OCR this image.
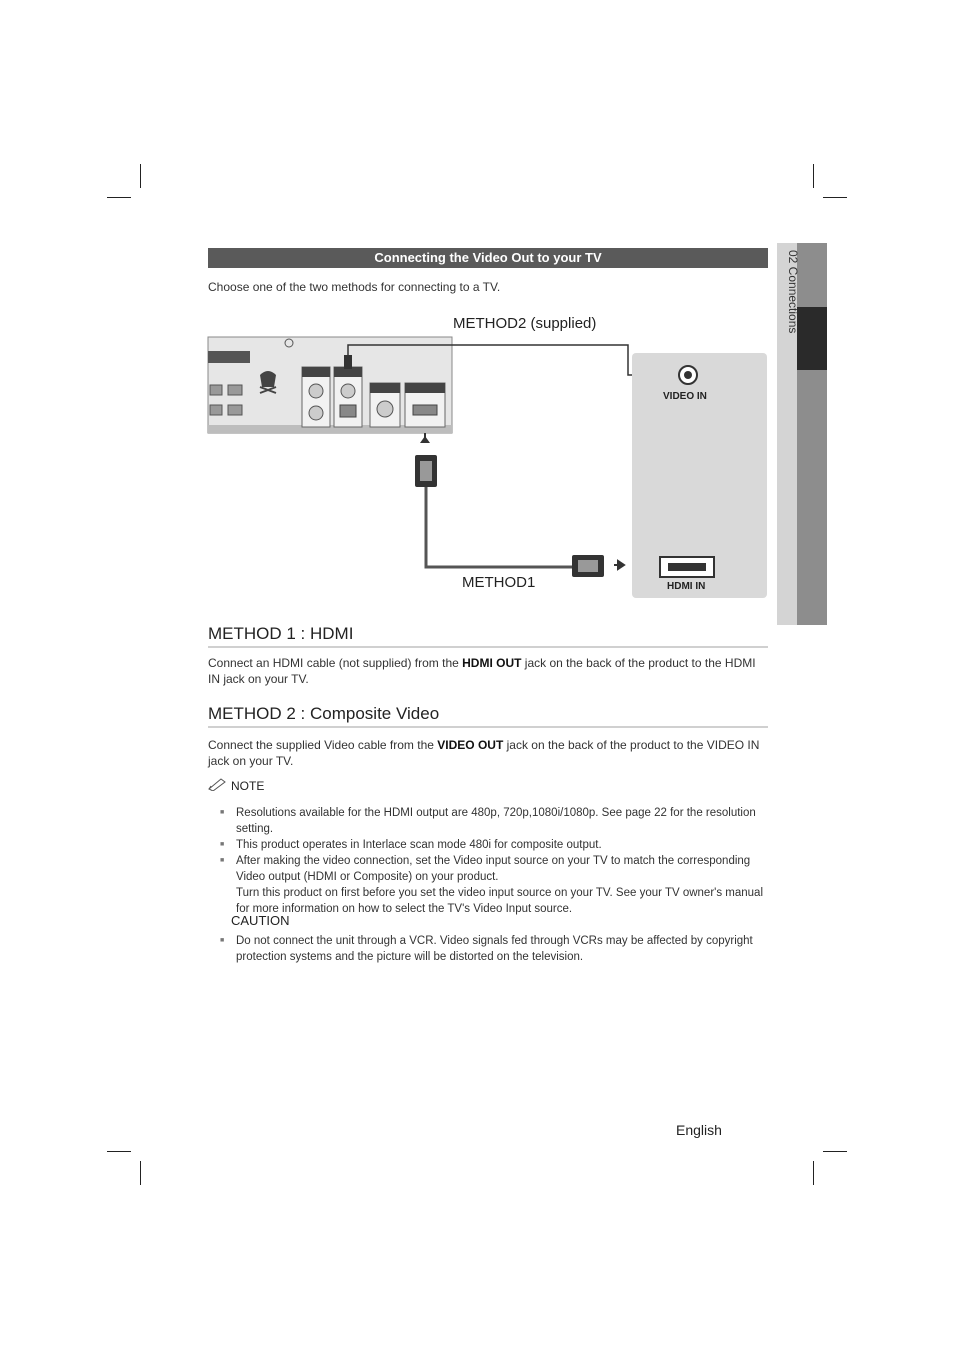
Connecting the Video Out to your TV
Choose one of the two methods for connecting to a TV.	02 Connections
METHOD2 (supplied)
METHOD1
VIDEO IN
HDMI IN
METHOD 1 : HDMI
Connect an HDMI cable (not supplied) from the HDMI OUT jack on the back of the product to the HDMI IN jack on your TV.
METHOD 2 : Composite Video
Connect the supplied Video cable from the VIDEO OUT jack on the back of the product to the VIDEO IN jack on your TV.
NOTE
■ Resolutions available for the HDMI output are 480p, 720p,1080i/1080p. See page 22 for the resolution setting.
■ This product operates in Interlace scan mode 480i for composite output.
■ After making the video connection, set the Video input source on your TV to match the corresponding Video output (HDMI or Composite) on your product.
Turn this product on first before you set the video input source on your TV. See your TV owner's manual for more information on how to select the TV's Video Input source.
CAUTION
■ Do not connect the unit through a VCR. Video signals fed through VCRs may be affected by copyright protection systems and the picture will be distorted on the television.
English
